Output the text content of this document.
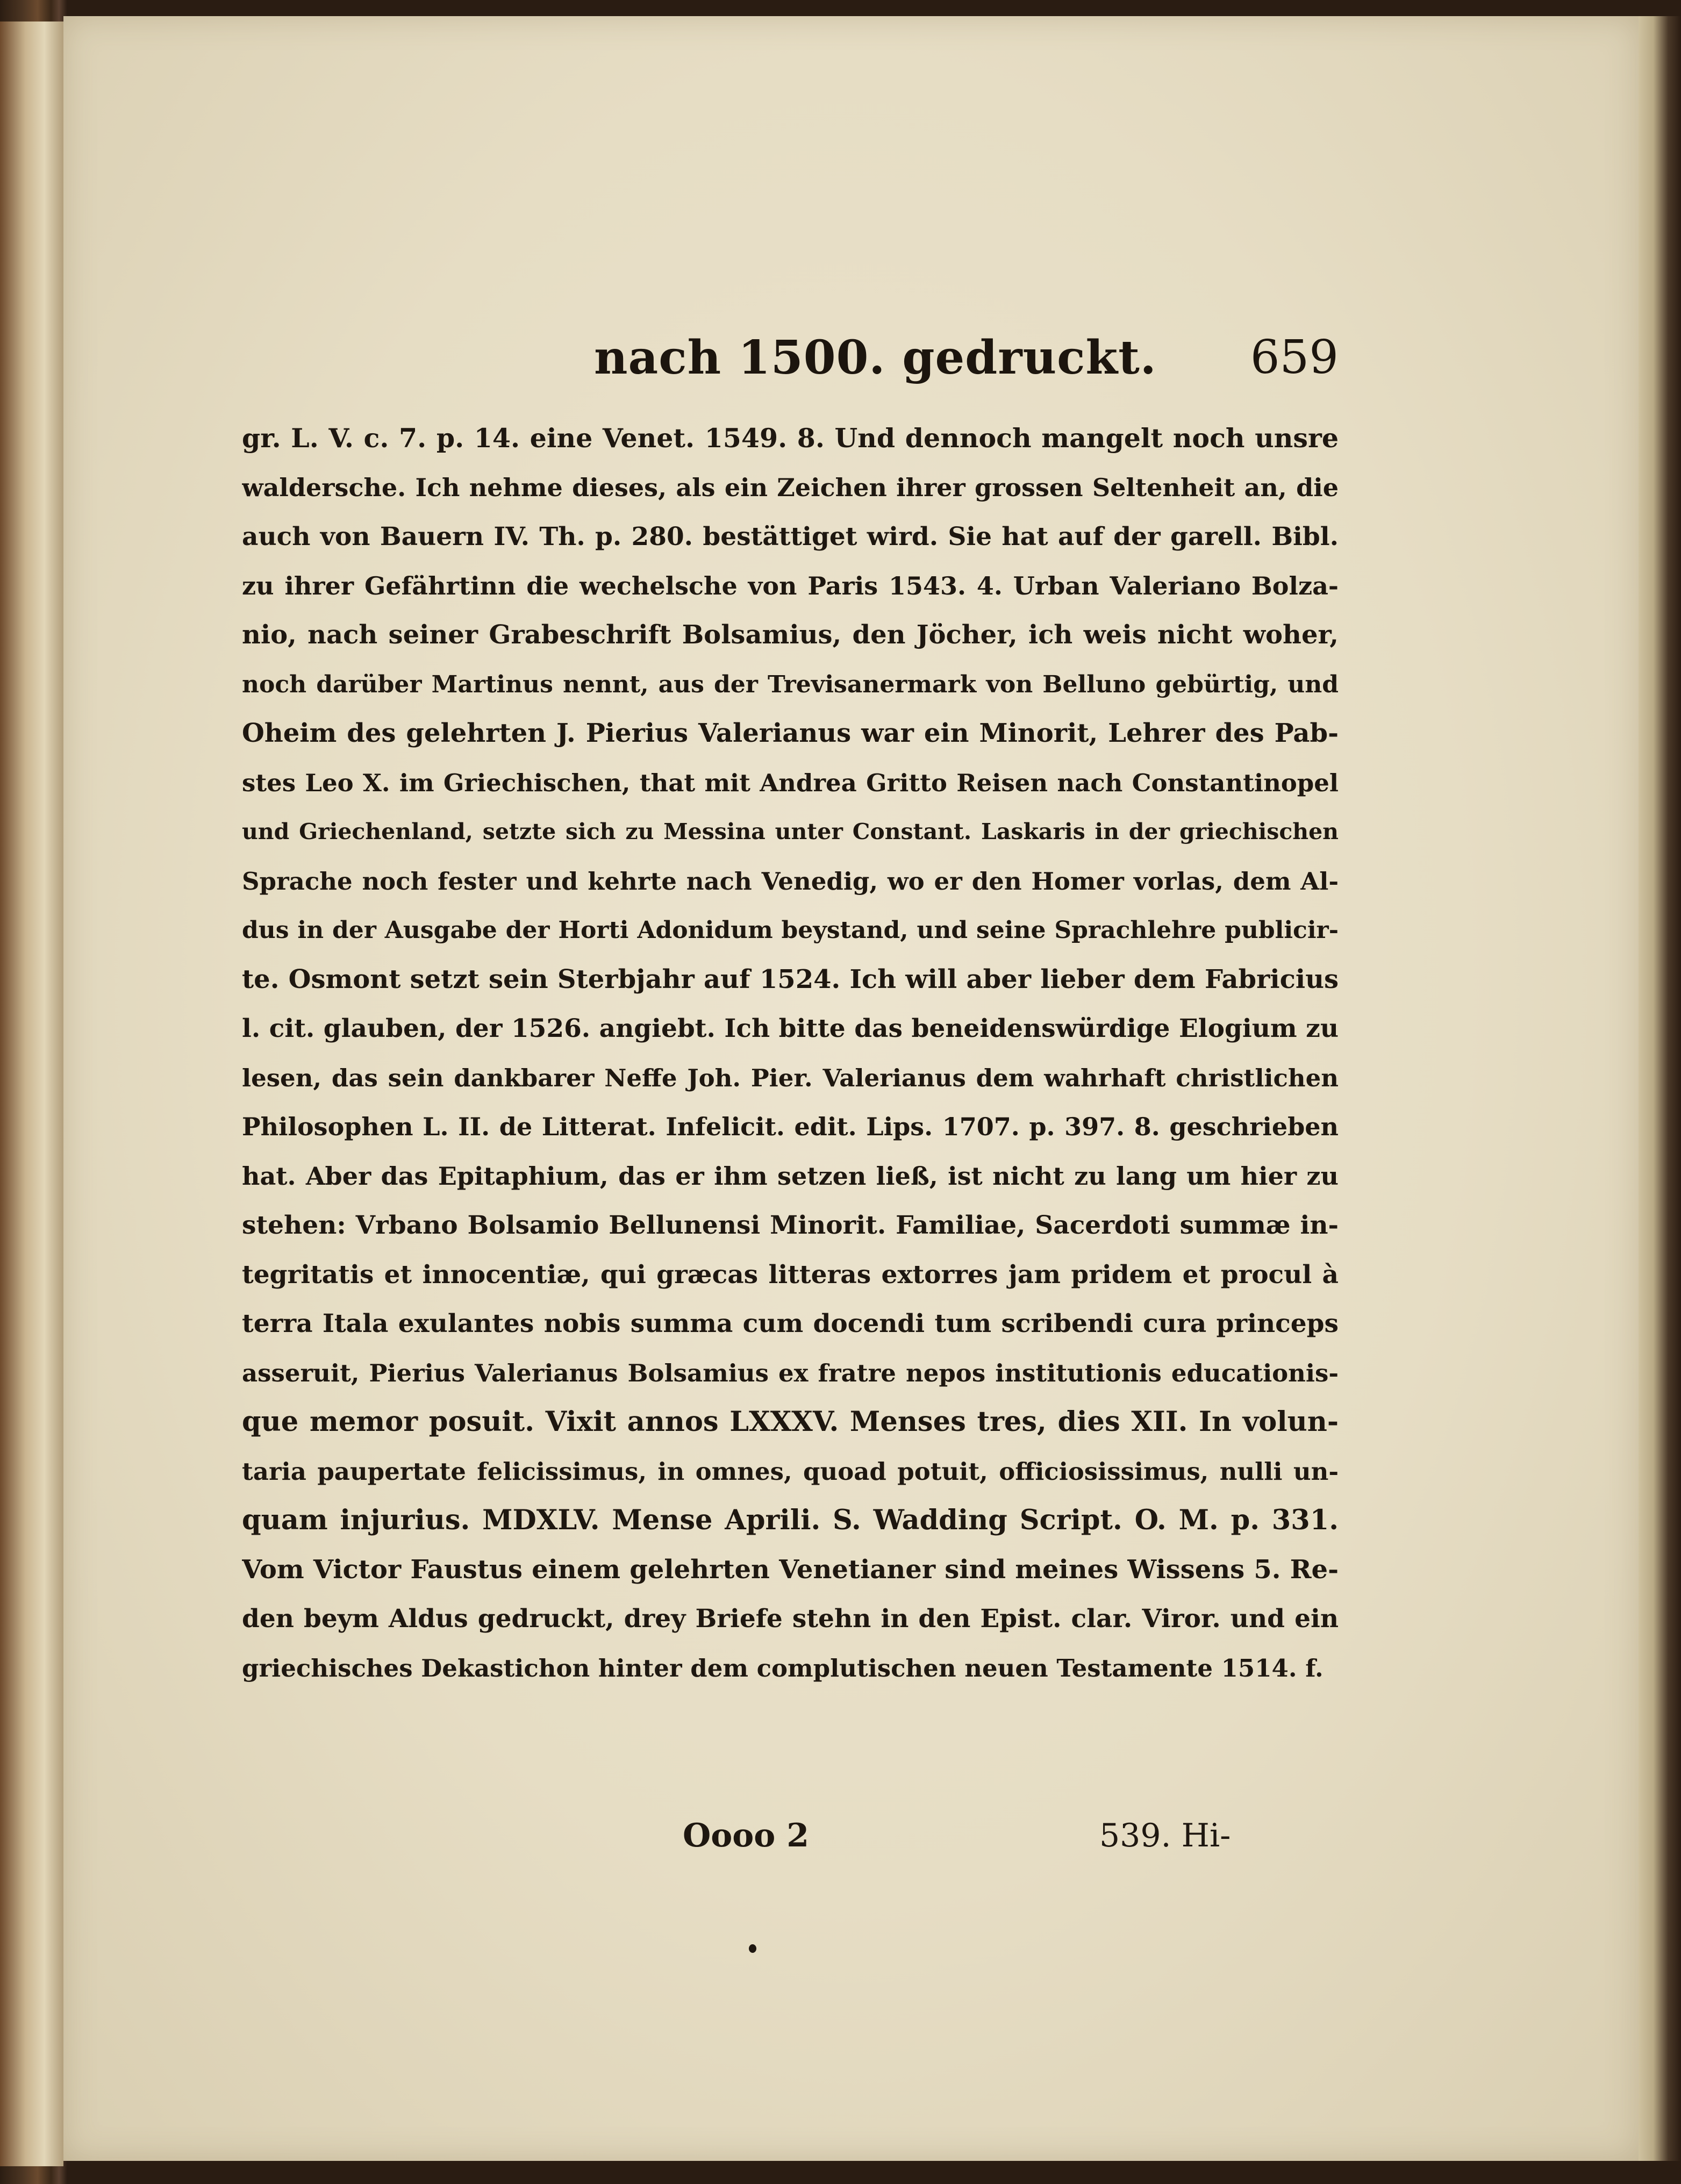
nach 1500. gedruckt. 659
gr. L. V. c. 7. p. 14. eine Venet. 1549. 8. Und dennoch mangelt noch unsre
waldersche. Ich nehme dieses, als ein Zeichen ihrer grossen Seltenheit an, die
auch von Bauern IV. Th. p. 280. bestättiget wird. Sie hat auf der garell. Bibl.
zu ihrer Gefährtinn die wechelsche von Paris 1543. 4. Urban Valeriano Bolza-
nio, nach seiner Grabeschrift Bolsamius, den Jöcher, ich weis nicht woher,
noch darüber Martinus nennt, aus der Trevisanermark von Belluno gebürtig, und
Oheim des gelehrten J. Pierius Valerianus war ein Minorit, Lehrer des Pab-
stes Leo X. im Griechischen, that mit Andrea Gritto Reisen nach Constantinopel
und Griechenland, setzte sich zu Messina unter Constant. Laskaris in der griechischen
Sprache noch fester und kehrte nach Venedig, wo er den Homer vorlas, dem Al-
dus in der Ausgabe der Horti Adonidum beystand, und seine Sprachlehre publicir-
te. Osmont setzt sein Sterbjahr auf 1524. Ich will aber lieber dem Fabricius
l. cit. glauben, der 1526. angiebt. Ich bitte das beneidenswürdige Elogium zu
lesen, das sein dankbarer Neffe Joh. Pier. Valerianus dem wahrhaft christlichen
Philosophen L. II. de Litterat. Infelicit. edit. Lips. 1707. p. 397. 8. geschrieben
hat. Aber das Epitaphium, das er ihm setzen ließ, ist nicht zu lang um hier zu
stehen: Vrbano Bolsamio Bellunensi Minorit. Familiae, Sacerdoti summæ in-
tegritatis et innocentiæ, qui græcas litteras extorres jam pridem et procul à
terra Itala exulantes nobis summa cum docendi tum scribendi cura princeps
asseruit, Pierius Valerianus Bolsamius ex fratre nepos institutionis educationis-
que memor posuit. Vixit annos LXXXV. Menses tres, dies XII. In volun-
taria paupertate felicissimus, in omnes, quoad potuit, officiosissimus, nulli un-
quam injurius. MDXLV. Mense Aprili. S. Wadding Script. O. M. p. 331.
Vom Victor Faustus einem gelehrten Venetianer sind meines Wissens 5. Re-
den beym Aldus gedruckt, drey Briefe stehn in den Epist. clar. Viror. und ein
griechisches Dekastichon hinter dem complutischen neuen Testamente 1514. f.
Oooo 2	539. Hi-
